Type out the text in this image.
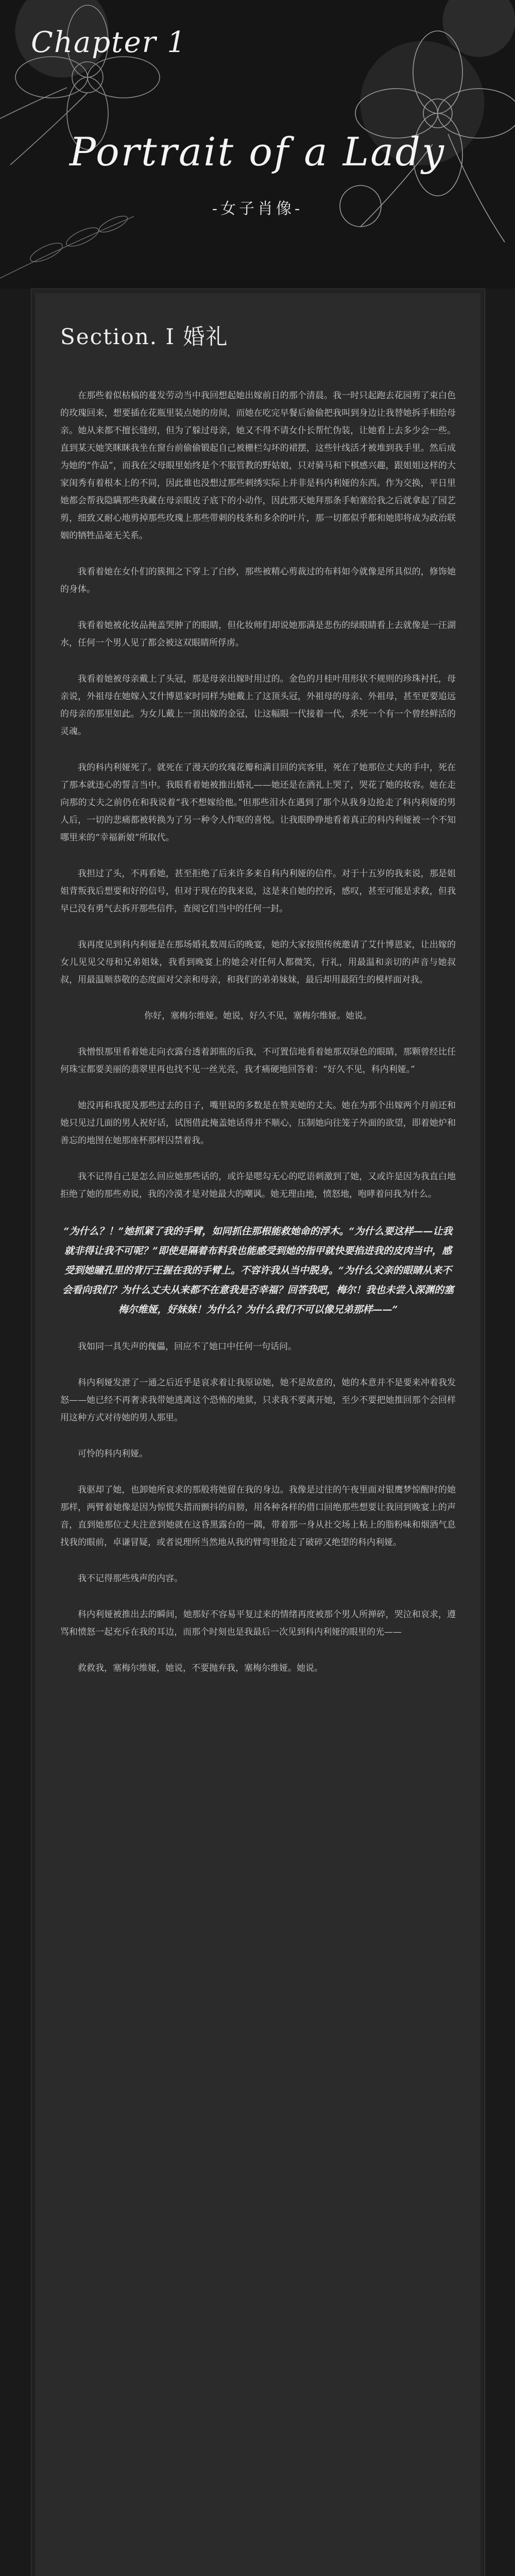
Chapter 1
Portrait of a Lady
-女子肖像-
Section. Ⅰ 婚礼

在那些着似枯槁的蔓发劳动当中我回想起她出嫁前日的那个清晨。我一时只起跑去花园剪了束白色的玫瑰回来，想要插在花瓶里装点她的房间，而她在吃完早餐后偷偷把我叫到身边让我替她拆手相给母亲。她从来都不擅长缝纫，但为了躲过母亲，她又不得不请女仆长帮忙伪装，让她看上去多少会一些。直到某天她笑眯眯我坐在窗台前偷偷锻起自己被栅栏勾坏的裙摆，这些针线活才被堆到我手里。然后成为她的“作品”，而我在父母眼里始终是个不服管教的野姑娘，只对骑马和下棋感兴趣，跟姐姐这样的大家闺秀有着根本上的不同，因此谁也没想过那些刺绣实际上并非是科内利娅的东西。作为交换，平日里她都会帮我隐瞒那些我藏在母亲眼皮子底下的小动作，因此那天她拜那条手帕塞给我之后就拿起了园艺剪，细致又耐心地剪掉那些玫瑰上那些带刺的枝条和多余的叶片，那一切都似乎都和她即将成为政治联姻的牺牲品毫无关系。

我看着她在女仆们的簇拥之下穿上了白纱，那些被精心剪裁过的布料如今就像是所具似的，修饰她的身体。

我看着她被化妆品掩盖哭肿了的眼睛，但化妆师们却说她那满是悲伤的绿眼睛看上去就像是一汪湖水，任何一个男人见了都会被这双眼睛所俘虏。

我看着她被母亲戴上了头冠，那是母亲出嫁时用过的。金色的月桂叶用形状不规则的珍珠衬托，母亲说，外祖母在她嫁入艾什博恩家时同样为她戴上了这顶头冠，外祖母的母亲、外祖母，甚至更要追远的母亲的那里如此。为女儿戴上一顶出嫁的金冠，让这幅眼一代接着一代，杀死一个有一个曾经鲜活的灵魂。

我的科内利娅死了。就死在了漫天的玫瑰花瓣和满目回的宾客里，死在了她那位丈夫的手中，死在了那本就违心的誓言当中。我眼看着她被推出婚礼——她还是在酒礼上哭了，哭花了她的妆容。她在走向那的丈夫之前仍在和我说着“我不想嫁给他。”但那些泪水在遇到了那个从我身边抢走了科内利娅的男人后，一切的悲痛都被转换为了另一种令人作呕的喜悦。让我眼睁睁地看着真正的科内利娅被一个不知哪里来的“幸福新娘”所取代。

我担过了头，不再看她，甚至拒绝了后来许多来自科内利娅的信件。对于十五岁的我来说，那是姐姐背叛我后想要和好的信号，但对于现在的我来说，这是来自她的控诉，感叹，甚至可能是求救，但我早已没有勇气去拆开那些信件，查阅它们当中的任何一封。

我再度见到科内利娅是在那场婚礼数周后的晚宴，她的大家按照传统邀请了艾什博恩家，让出嫁的女儿见见父母和兄弟姐妹，我看到晚宴上的她会对任何人都微笑，行礼，用最温和亲切的声音与她叔叔，用最温顺恭敬的态度面对父亲和母亲，和我们的弟弟妹妹，最后却用最陌生的模样面对我。

你好，塞梅尔维娅。她说，好久不见，塞梅尔维娅。她说。

我憎恨那里看着她走向衣露台透着卸瓶的后我，不可置信地看着她那双绿色的眼睛，那颗曾经比任何珠宝都要美丽的翡翠里再也找不见一丝光亮，我才痛硬地回答着：“好久不见，科内利娅。”

她没再和我提及那些过去的日子，嘴里说的多数是在赞美她的丈夫。她在为那个出嫁两个月前还和她只见过几面的男人祝好话，试图借此掩盖她话得并不顺心，压制她向往笼子外面的欲望，即着她炉和善忘的地图在她那座杯那样囚禁着我。

我不记得自己是怎么回应她那些话的，或许是嗯勾无心的呓语刺激到了她，又或许是因为我直白地拒绝了她的那些劝说，我的冷漠才是对她最大的嘲讽。她无理由地，愤怒地，咆哮着问我为什么。

“为什么？！”她抓紧了我的手臂，如同抓住那根能救她命的浮木。“为什么要这样——让我就非得让我不可呢？”即使是隔着布料我也能感受到她的指甲就快要掐进我的皮肉当中，感受到她瞳孔里的背厅王握在我的手臂上。不容许我从当中脱身。“为什么父亲的眼睛从来不会看向我们？为什么丈夫从来都不在意我是否幸福？回答我吧，梅尔！我也未尝入深渊的塞梅尔维娅，好妹妹！为什么？为什么我们不可以像兄弟那样——”

我如同一具失声的傀儡，回应不了她口中任何一句话问。

科内利娅发泄了一通之后近乎是哀求着让我原谅她，她不是故意的，她的本意并不是要来冲着我发怒——她已经不再奢求我带她逃离这个恐怖的地狱，只求我不要离开她，至少不要把她推回那个会回样用这种方式对待她的男人那里。

可怜的科内利娅。

我驱却了她，也卸她所哀求的那般将她留在我的身边。我像是过往的午夜里面对银鹰梦惊醒时的她那样，两臂着她像是因为惊慌失措而颤抖的肩膀，用各种各样的借口回绝那些想要让我回到晚宴上的声音，直到她那位丈夫注意到她就在这昏黑露台的一隅，带着那一身从社交场上粘上的脂粉味和烟酒气息找我的眼前，卓谦冒疑，或者说理所当然地从我的臂弯里抢走了破碎又绝望的科内利娅。

我不记得那些残声的内容。

科内利娅被推出去的瞬间，她那好不容易平复过来的情绪再度被那个男人所掸碎，哭泣和哀求，遵骂和愤怒一起充斥在我的耳边，而那个时刻也是我最后一次见到科内利娅的眼里的光——

救救我，塞梅尔维娅，她说，不要抛弃我，塞梅尔维娅。她说。
